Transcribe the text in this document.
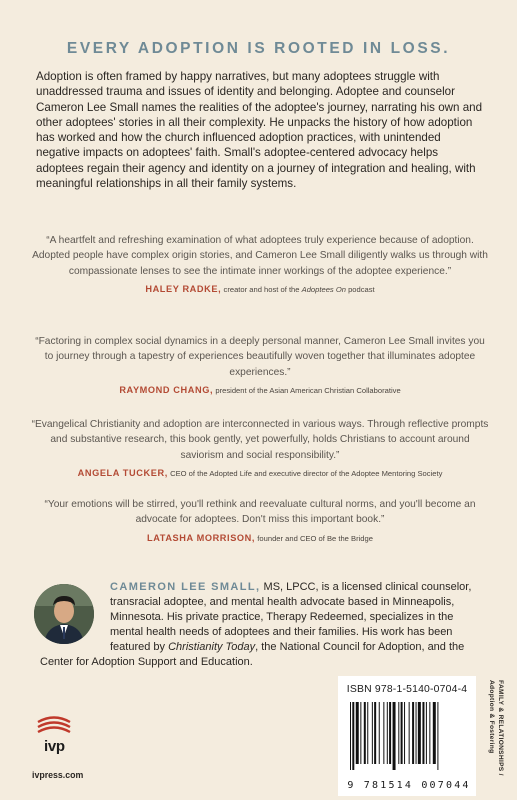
EVERY ADOPTION IS ROOTED IN LOSS.
Adoption is often framed by happy narratives, but many adoptees struggle with unaddressed trauma and issues of identity and belonging. Adoptee and counselor Cameron Lee Small names the realities of the adoptee's journey, narrating his own and other adoptees' stories in all their complexity. He unpacks the history of how adoption has worked and how the church influenced adoption practices, with unintended negative impacts on adoptees' faith. Small's adoptee-centered advocacy helps adoptees regain their agency and identity on a journey of integration and healing, with meaningful relationships in all their family systems.

“A heartfelt and refreshing examination of what adoptees truly experience because of adoption. Adopted people have complex origin stories, and Cameron Lee Small diligently walks us through with compassionate lenses to see the intimate inner workings of the adoptee experience.”

HALEY RADKE, creator and host of the Adoptees On podcast

“Factoring in complex social dynamics in a deeply personal manner, Cameron Lee Small invites you to journey through a tapestry of experiences beautifully woven together that illuminates adoptee experiences.”

RAYMOND CHANG, president of the Asian American Christian Collaborative

“Evangelical Christianity and adoption are interconnected in various ways. Through reflective prompts and substantive research, this book gently, yet powerfully, holds Christians to account around saviorism and social responsibility.”

ANGELA TUCKER, CEO of the Adopted Life and executive director of the Adoptee Mentoring Society

“Your emotions will be stirred, you'll rethink and reevaluate cultural norms, and you'll become an advocate for adoptees. Don't miss this important book.”

LATASHA MORRISON, founder and CEO of Be the Bridge
CAMERON LEE SMALL, MS, LPCC, is a licensed clinical counselor, transracial adoptee, and mental health advocate based in Minneapolis, Minnesota. His private practice, Therapy Redeemed, specializes in the mental health needs of adoptees and their families. His work has been featured by Christianity Today, the National Council for Adoption, and the Center for Adoption Support and Education.
ivp
ivpress.com
ISBN 978-1-5140-0704-4
9 781514 007044
FAMILY & RELATIONSHIPS /
Adoption & Fostering
